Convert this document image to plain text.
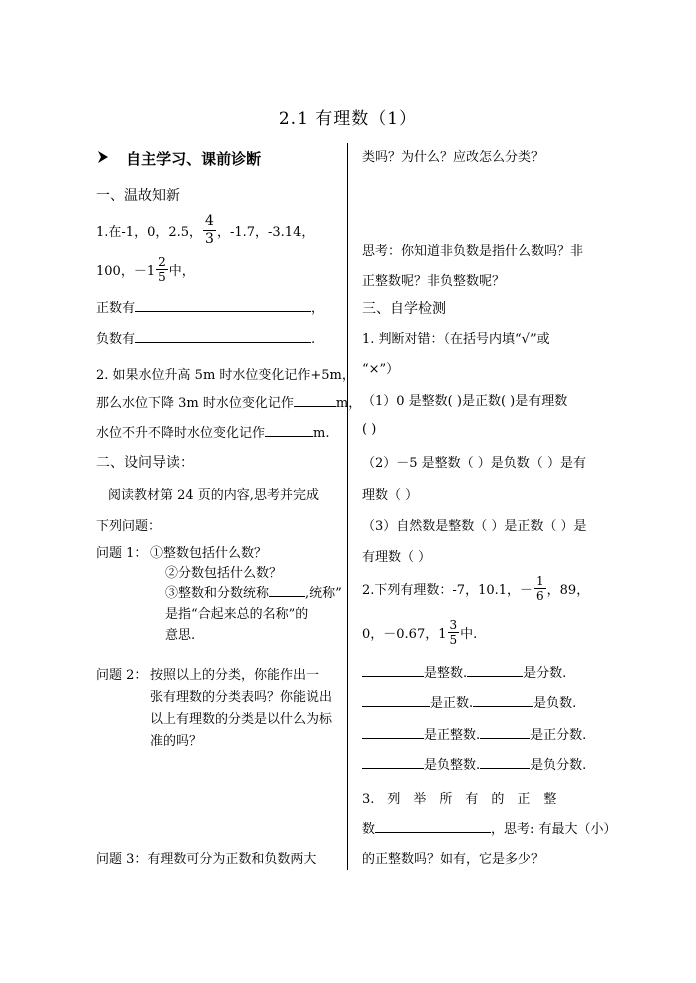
2.1 有理数（1）
自主学习、课前诊断
一、温故知新
1.在-1，0，2.5， $\frac{4}{3}$ ，-1.7，-3.14，
100，$-1 \frac{2}{5}$ 中，
正数有	，
负数有	.
2. 如果水位升高 5m 时水位变化记作+5m，
那么水位下降 3m 时水位变化记作	m，
水位不升不降时水位变化记作	m.
二、设问导读：
阅读教材第 24 页的内容,思考并完成
下列问题：
问题 1： ①整数包括什么数？
②分数包括什么数？
③整数和分数统称	,统称”
是指“合起来总的名称”的
意思.
问题 2： 按照以上的分类，你能作出一
张有理数的分类表吗？你能说出
以上有理数的分类是以什么为标
准的吗？
问题 3：有理数可分为正数和负数两大
类吗？为什么？应改怎么分类？
思考：你知道非负数是指什么数吗？非
正整数呢？非负整数呢？
三、自学检测
1. 判断对错：（在括号内填“√”或
“×”）
（1）0 是整数( )是正数( )是有理数
( )
（2）－5 是整数（ ）是负数（ ）是有
理数（ ）
（3）自然数是整数（ ）是正数（ ）是
有理数（ ）
2.下列有理数：-7，10.1，－ $\frac{1}{6}$ ，89，
0，－0.67，$1 \frac{3}{5}$ 中.
是整数.	是分数.
是正数.	是负数.
是正整数.	是正分数.
是负整数.	是负分数.
3.　列　举　所　有　的　正　整
数	，思考: 有最大（小）
的正整数吗？如有，它是多少？
